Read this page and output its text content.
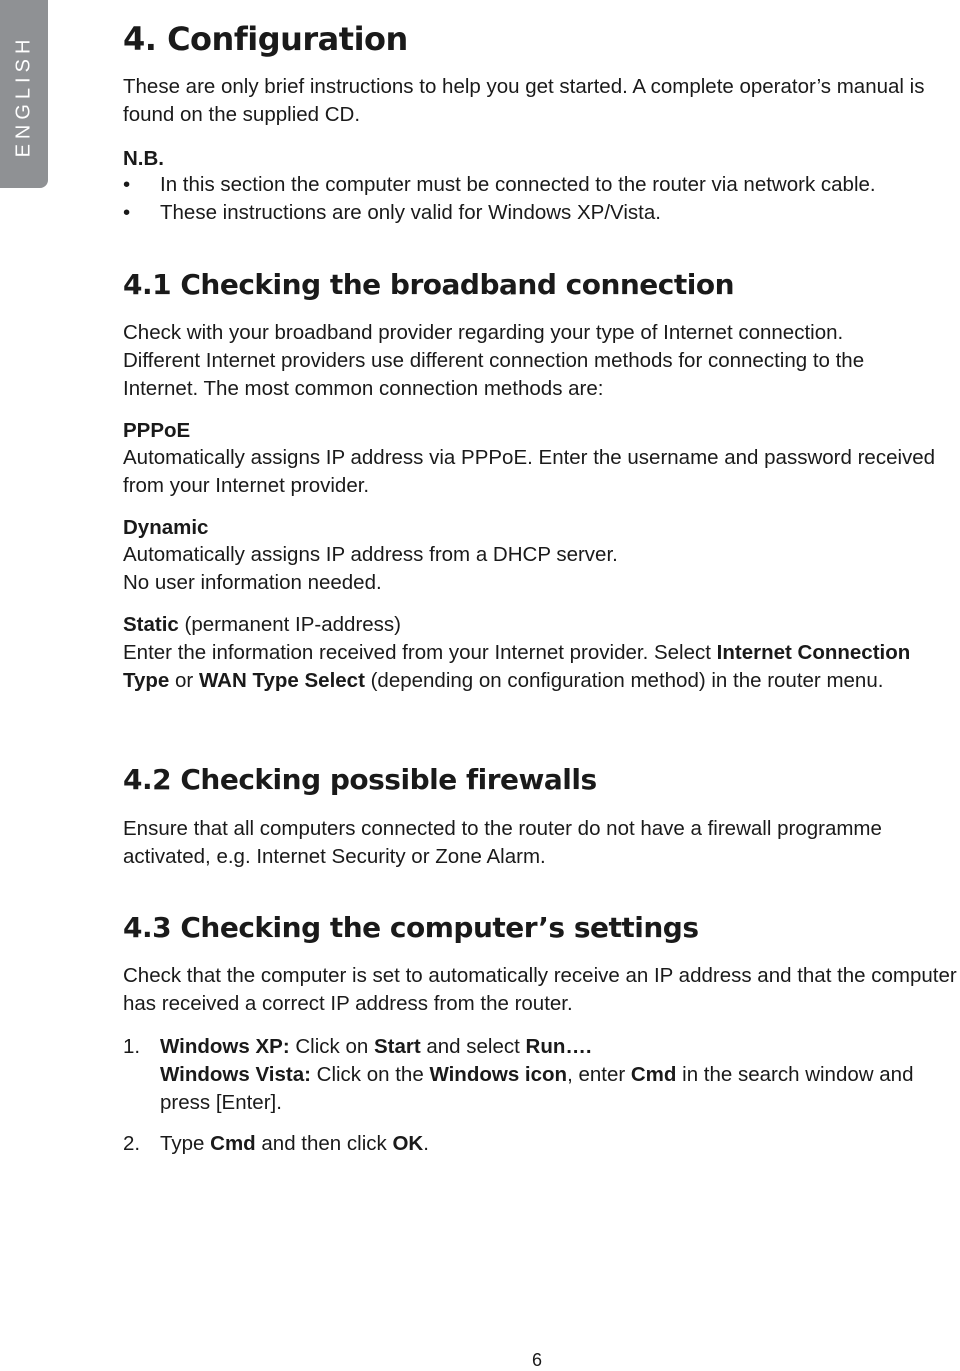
ENGLISH	4. Configuration

These are only brief instructions to help you get started. A complete operator’s manual is found on the supplied CD.

N.B.

• In this section the computer must be connected to the router via network cable.
• These instructions are only valid for Windows XP/Vista.
4.1 Checking the broadband connection

Check with your broadband provider regarding your type of Internet connection. Different Internet providers use different connection methods for connecting to the Internet. The most common connection methods are:

PPPoE

Automatically assigns IP address via PPPoE. Enter the username and password received from your Internet provider.

Dynamic

Automatically assigns IP address from a DHCP server.

No user information needed.

Static (permanent IP-address)

Enter the information received from your Internet provider. Select Internet Connection Type or WAN Type Select (depending on configuration method) in the router menu.

4.2 Checking possible firewalls

Ensure that all computers connected to the router do not have a firewall programme activated, e.g. Internet Security or Zone Alarm.

4.3 Checking the computer’s settings

Check that the computer is set to automatically receive an IP address and that the computer has received a correct IP address from the router.

1. Windows XP: Click on Start and select Run….
Windows Vista: Click on the Windows icon, enter Cmd in the search window and press [Enter].
2. Type Cmd and then click OK.
6
